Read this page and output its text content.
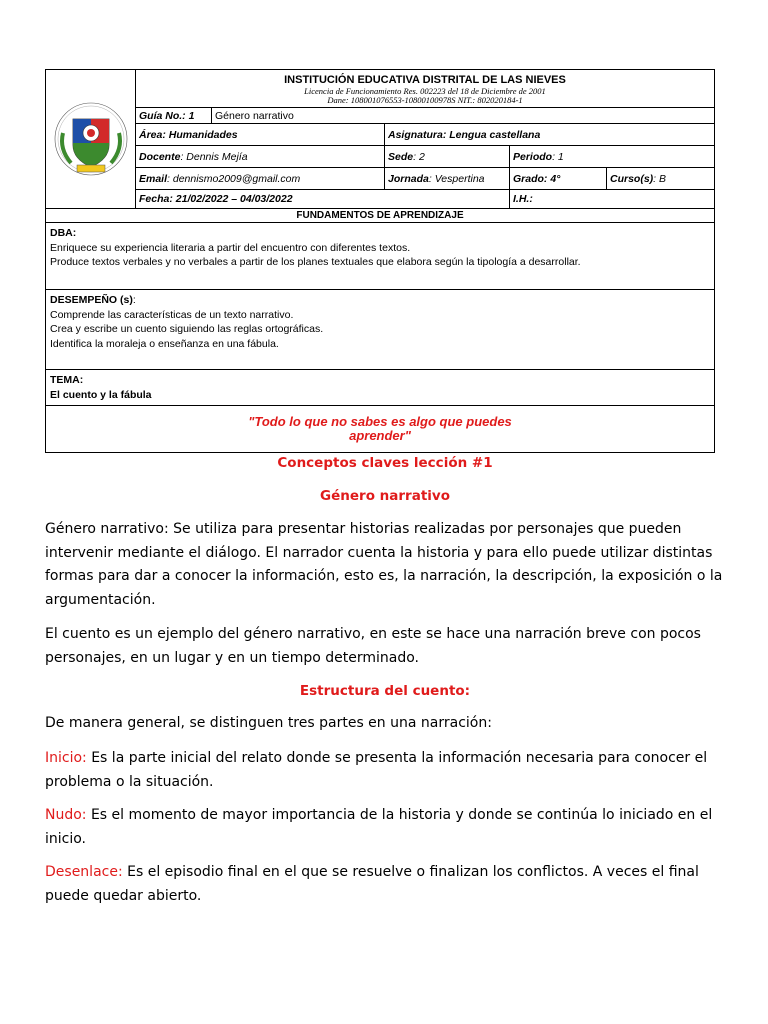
	INSTITUCIÓN EDUCATIVA DISTRITAL DE LAS NIEVES
Licencia de Funcionamiento Res. 002223 del 18 de Diciembre de 2001
Dane: 108001076553-10800100978S NIT.: 802020184-1				

	Guía No.: 1	Género narrativo			
	Área: Humanidades		Asignatura: Lengua castellana		
	Docente: Dennis Mejía		Sede: 2	Periodo: 1	
	Email: dennismo2009@gmail.com		Jornada: Vespertina	Grado: 4°	Curso(s): B
	Fecha: 21/02/2022 – 04/03/2022			I.H.:	
FUNDAMENTOS DE APRENDIZAJE					

DBA:
Enriquece su experiencia literaria a partir del encuentro con diferentes textos.
Produce textos verbales y no verbales a partir de los planes textuales que elabora según la tipología a desarrollar.					

DESEMPEÑO (s):
Comprende las características de un texto narrativo.
Crea y escribe un cuento siguiendo las reglas ortográficas.
Identifica la moraleja o enseñanza en una fábula.					

TEMA:
El cuento y la fábula					

"Todo lo que no sabes es algo que puedes
aprender"					
Conceptos claves lección #1
Género narrativo

Género narrativo: Se utiliza para presentar historias realizadas por personajes que pueden intervenir mediante el diálogo. El narrador cuenta la historia y para ello puede utilizar distintas formas para dar a conocer la información, esto es, la narración, la descripción, la exposición o la argumentación.

El cuento es un ejemplo del género narrativo, en este se hace una narración breve con pocos personajes, en un lugar y en un tiempo determinado.

Estructura del cuento:

De manera general, se distinguen tres partes en una narración:

Inicio: Es la parte inicial del relato donde se presenta la información necesaria para conocer el problema o la situación.

Nudo: Es el momento de mayor importancia de la historia y donde se continúa lo iniciado en el inicio.

Desenlace: Es el episodio final en el que se resuelve o finalizan los conflictos. A veces el final puede quedar abierto.
